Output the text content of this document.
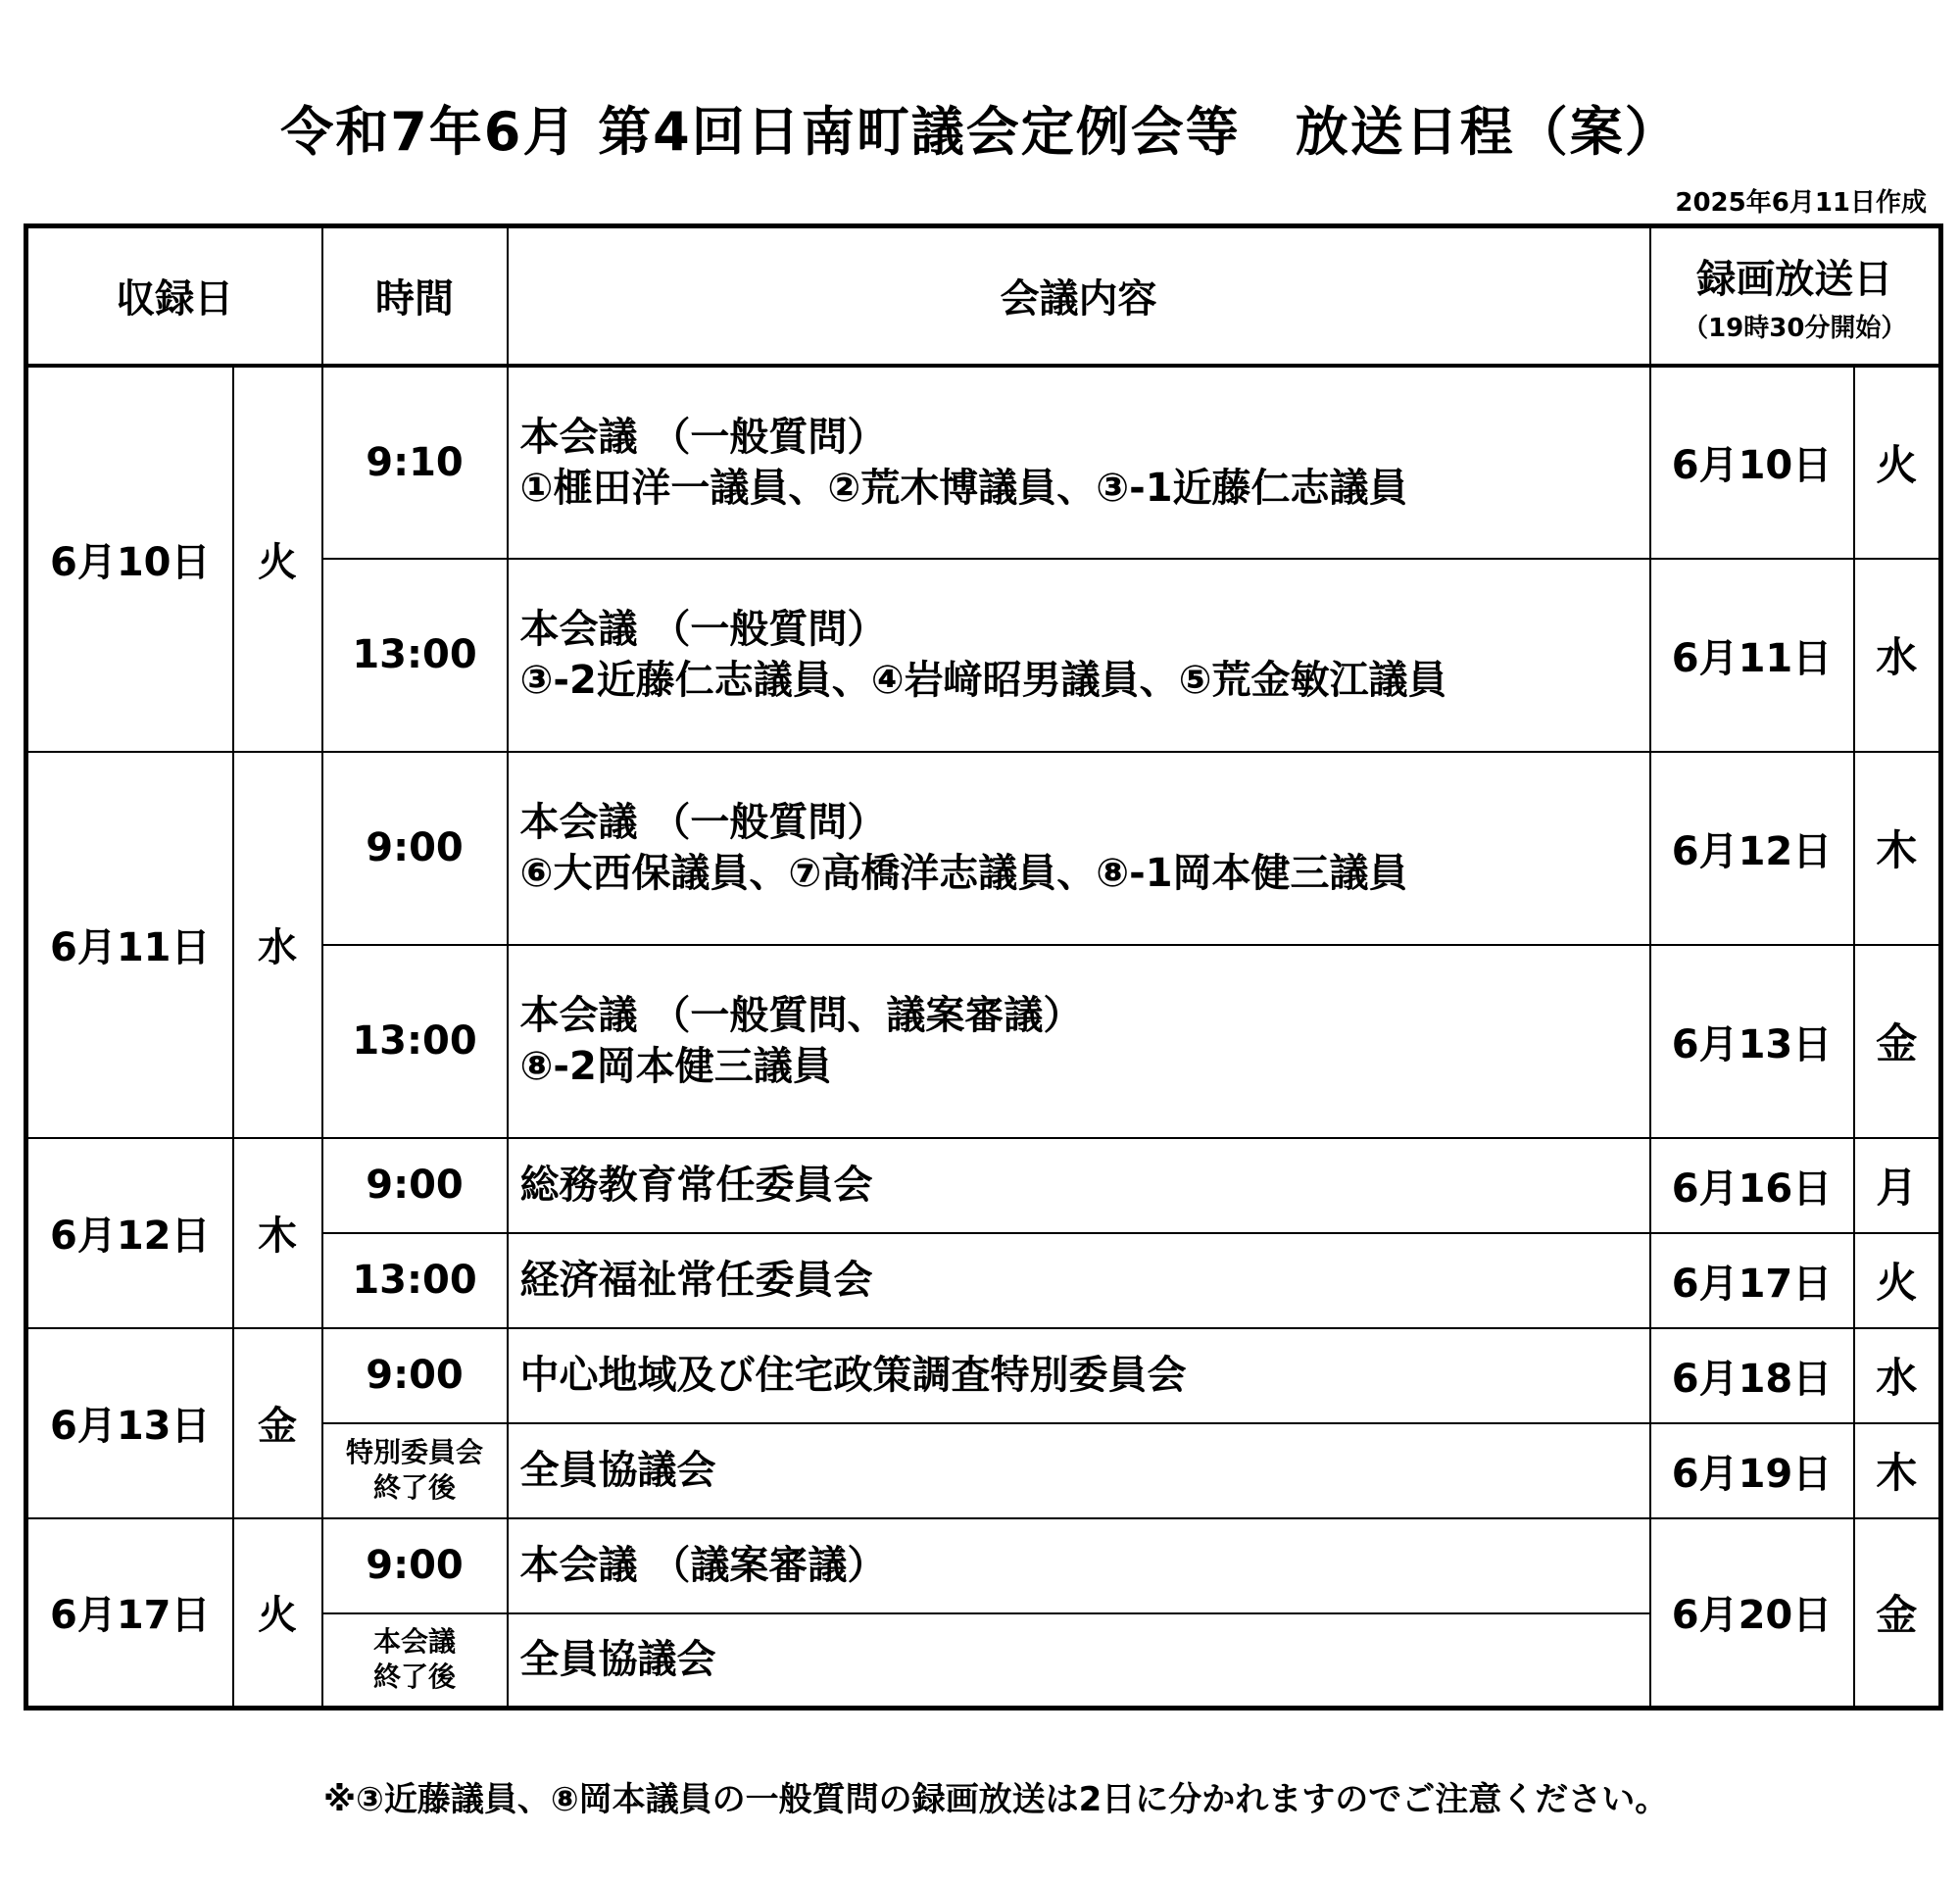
令和7年6月 第4回日南町議会定例会等　放送日程（案）
2025年6月11日作成
収録日		時間	会議内容	録画放送日
（19時30分開始）	

6月10日	火	9:10	本会議 （一般質問）
①榧田洋一議員、②荒木博議員、③-1近藤仁志議員	6月10日	火
		13:00	本会議 （一般質問）
③-2近藤仁志議員、④岩﨑昭男議員、⑤荒金敏江議員	6月11日	水
6月11日	水	9:00	本会議 （一般質問）
⑥大西保議員、⑦高橋洋志議員、⑧-1岡本健三議員	6月12日	木
		13:00	本会議 （一般質問、議案審議）
⑧-2岡本健三議員	6月13日	金
6月12日	木	9:00	総務教育常任委員会	6月16日	月
		13:00	経済福祉常任委員会	6月17日	火
6月13日	金	9:00	中心地域及び住宅政策調査特別委員会	6月18日	水

		特別委員会
終了後	全員協議会	6月19日	木
6月17日	火	9:00	本会議 （議案審議）	6月20日	金

		本会議
終了後	全員協議会		
※③近藤議員、⑧岡本議員の一般質問の録画放送は2日に分かれますのでご注意ください。
